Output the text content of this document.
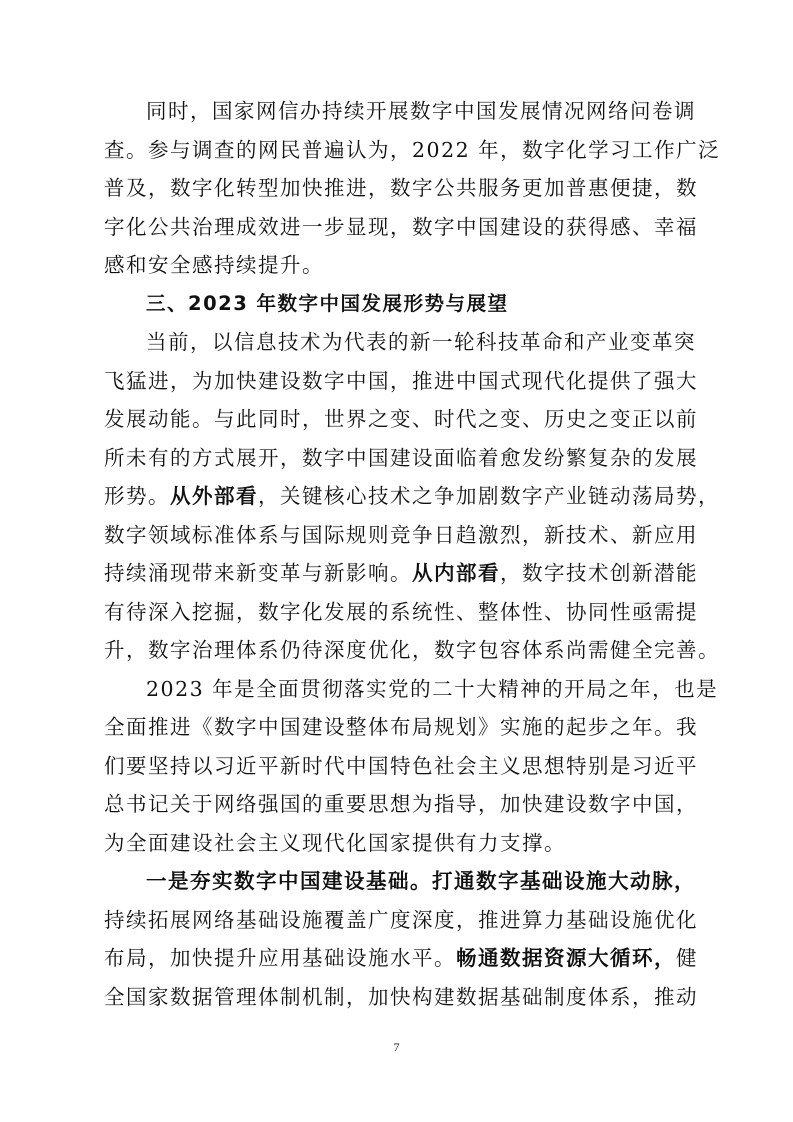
同时，国家网信办持续开展数字中国发展情况网络问卷调
查。参与调查的网民普遍认为，2022 年，数字化学习工作广泛
普及，数字化转型加快推进，数字公共服务更加普惠便捷，数
字化公共治理成效进一步显现，数字中国建设的获得感、幸福
感和安全感持续提升。

三、2023 年数字中国发展形势与展望

当前，以信息技术为代表的新一轮科技革命和产业变革突
飞猛进，为加快建设数字中国，推进中国式现代化提供了强大
发展动能。与此同时，世界之变、时代之变、历史之变正以前
所未有的方式展开，数字中国建设面临着愈发纷繁复杂的发展
形势。从外部看，关键核心技术之争加剧数字产业链动荡局势，
数字领域标准体系与国际规则竞争日趋激烈，新技术、新应用
持续涌现带来新变革与新影响。从内部看，数字技术创新潜能
有待深入挖掘，数字化发展的系统性、整体性、协同性亟需提
升，数字治理体系仍待深度优化，数字包容体系尚需健全完善。

2023 年是全面贯彻落实党的二十大精神的开局之年，也是
全面推进《数字中国建设整体布局规划》实施的起步之年。我
们要坚持以习近平新时代中国特色社会主义思想特别是习近平
总书记关于网络强国的重要思想为指导，加快建设数字中国，
为全面建设社会主义现代化国家提供有力支撑。

一是夯实数字中国建设基础。打通数字基础设施大动脉，
持续拓展网络基础设施覆盖广度深度，推进算力基础设施优化
布局，加快提升应用基础设施水平。畅通数据资源大循环，健
全国家数据管理体制机制，加快构建数据基础制度体系，推动

7
